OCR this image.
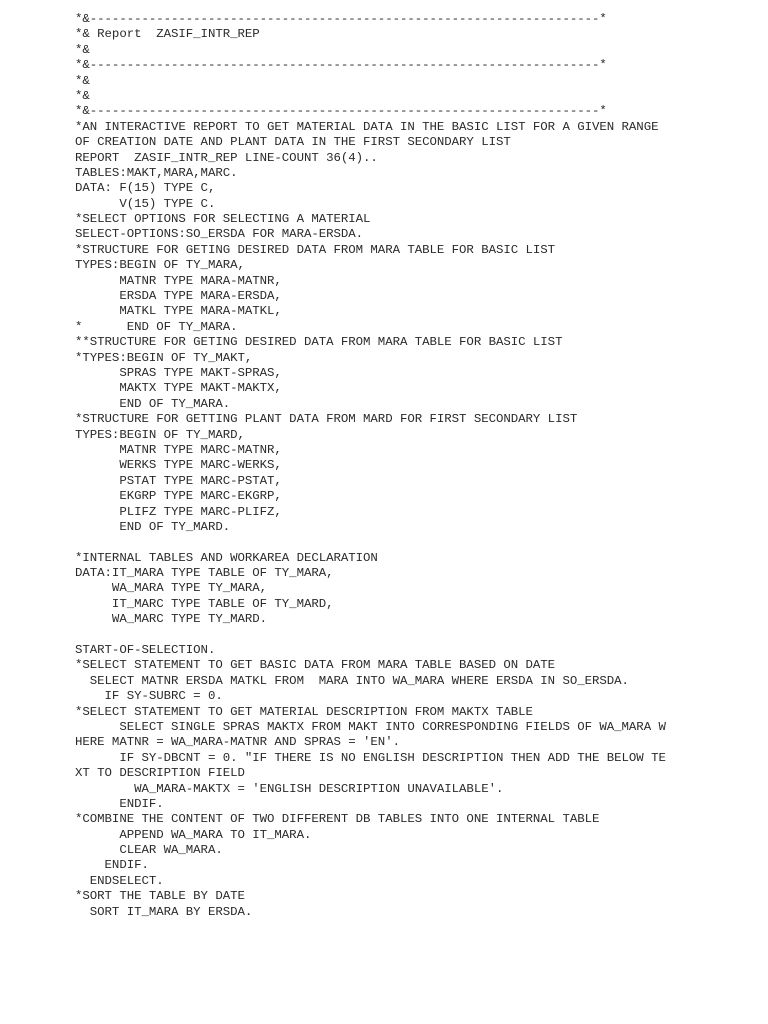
*&---------------------------------------------------------------------*
*& Report  ZASIF_INTR_REP
*&
*&---------------------------------------------------------------------*
*&
*&
*&---------------------------------------------------------------------*
*AN INTERACTIVE REPORT TO GET MATERIAL DATA IN THE BASIC LIST FOR A GIVEN RANGE
OF CREATION DATE AND PLANT DATA IN THE FIRST SECONDARY LIST
REPORT  ZASIF_INTR_REP LINE-COUNT 36(4)..
TABLES:MAKT,MARA,MARC.
DATA: F(15) TYPE C,
V(15) TYPE C.
*SELECT OPTIONS FOR SELECTING A MATERIAL
SELECT-OPTIONS:SO_ERSDA FOR MARA-ERSDA.
*STRUCTURE FOR GETING DESIRED DATA FROM MARA TABLE FOR BASIC LIST
TYPES:BEGIN OF TY_MARA,
MATNR TYPE MARA-MATNR,
ERSDA TYPE MARA-ERSDA,
MATKL TYPE MARA-MATKL,
*      END OF TY_MARA.
**STRUCTURE FOR GETING DESIRED DATA FROM MARA TABLE FOR BASIC LIST
*TYPES:BEGIN OF TY_MAKT,
SPRAS TYPE MAKT-SPRAS,
MAKTX TYPE MAKT-MAKTX,
END OF TY_MARA.
*STRUCTURE FOR GETTING PLANT DATA FROM MARD FOR FIRST SECONDARY LIST
TYPES:BEGIN OF TY_MARD,
MATNR TYPE MARC-MATNR,
WERKS TYPE MARC-WERKS,
PSTAT TYPE MARC-PSTAT,
EKGRP TYPE MARC-EKGRP,
PLIFZ TYPE MARC-PLIFZ,
END OF TY_MARD.

*INTERNAL TABLES AND WORKAREA DECLARATION
DATA:IT_MARA TYPE TABLE OF TY_MARA,
WA_MARA TYPE TY_MARA,
IT_MARC TYPE TABLE OF TY_MARD,
WA_MARC TYPE TY_MARD.

START-OF-SELECTION.
*SELECT STATEMENT TO GET BASIC DATA FROM MARA TABLE BASED ON DATE
SELECT MATNR ERSDA MATKL FROM  MARA INTO WA_MARA WHERE ERSDA IN SO_ERSDA.
IF SY-SUBRC = 0.
*SELECT STATEMENT TO GET MATERIAL DESCRIPTION FROM MAKTX TABLE
SELECT SINGLE SPRAS MAKTX FROM MAKT INTO CORRESPONDING FIELDS OF WA_MARA W
HERE MATNR = WA_MARA-MATNR AND SPRAS = 'EN'.
IF SY-DBCNT = 0. "IF THERE IS NO ENGLISH DESCRIPTION THEN ADD THE BELOW TE
XT TO DESCRIPTION FIELD
WA_MARA-MAKTX = 'ENGLISH DESCRIPTION UNAVAILABLE'.
ENDIF.
*COMBINE THE CONTENT OF TWO DIFFERENT DB TABLES INTO ONE INTERNAL TABLE
APPEND WA_MARA TO IT_MARA.
CLEAR WA_MARA.
ENDIF.
ENDSELECT.
*SORT THE TABLE BY DATE
SORT IT_MARA BY ERSDA.
